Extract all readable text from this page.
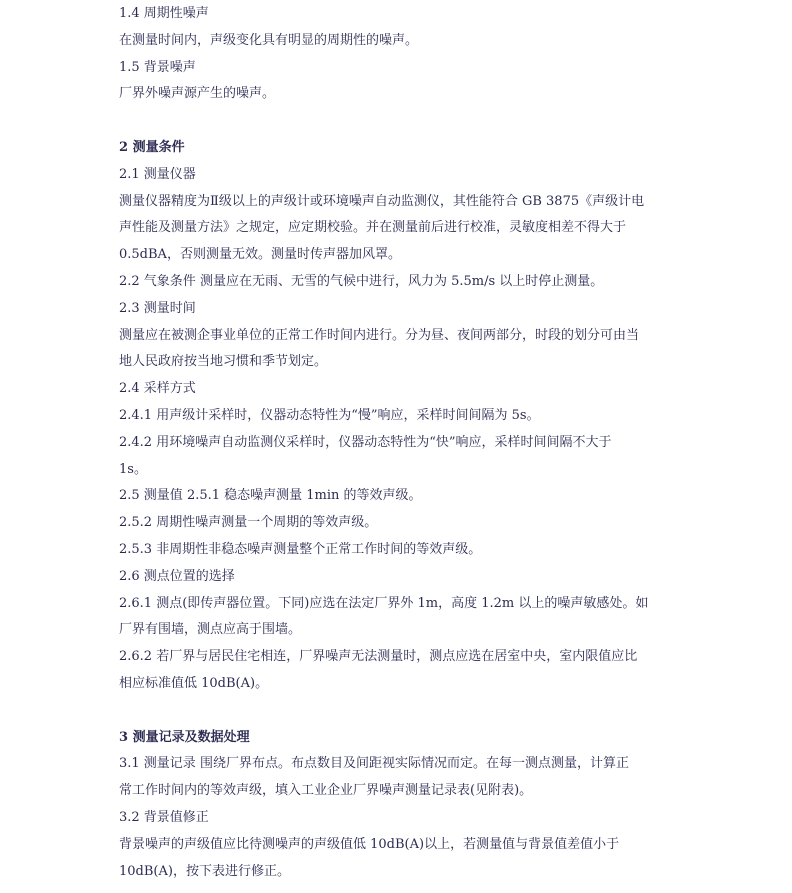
1.4 周期性噪声
在测量时间内，声级变化具有明显的周期性的噪声。
1.5 背景噪声
厂界外噪声源产生的噪声。
2 测量条件
2.1 测量仪器
测量仪器精度为Ⅱ级以上的声级计或环境噪声自动监测仪，其性能符合 GB 3875《声级计电
声性能及测量方法》之规定，应定期校验。并在测量前后进行校准，灵敏度相差不得大于
0.5dBA，否则测量无效。测量时传声器加风罩。
2.2 气象条件 测量应在无雨、无雪的气候中进行，风力为 5.5m/s 以上时停止测量。
2.3 测量时间
测量应在被测企事业单位的正常工作时间内进行。分为昼、夜间两部分，时段的划分可由当
地人民政府按当地习惯和季节划定。
2.4 采样方式
2.4.1 用声级计采样时，仪器动态特性为“慢”响应，采样时间间隔为 5s。
2.4.2 用环境噪声自动监测仪采样时，仪器动态特性为“快”响应，采样时间间隔不大于
1s。
2.5 测量值 2.5.1 稳态噪声测量 1min 的等效声级。
2.5.2 周期性噪声测量一个周期的等效声级。
2.5.3 非周期性非稳态噪声测量整个正常工作时间的等效声级。
2.6 测点位置的选择
2.6.1 测点(即传声器位置。下同)应选在法定厂界外 1m，高度 1.2m 以上的噪声敏感处。如
厂界有围墙，测点应高于围墙。
2.6.2 若厂界与居民住宅相连，厂界噪声无法测量时，测点应选在居室中央，室内限值应比
相应标准值低 10dB(A)。
3 测量记录及数据处理
3.1 测量记录 围绕厂界布点。布点数目及间距视实际情况而定。在每一测点测量，计算正
常工作时间内的等效声级，填入工业企业厂界噪声测量记录表(见附表)。
3.2 背景值修正
背景噪声的声级值应比待测噪声的声级值低 10dB(A)以上，若测量值与背景值差值小于
10dB(A)，按下表进行修正。
